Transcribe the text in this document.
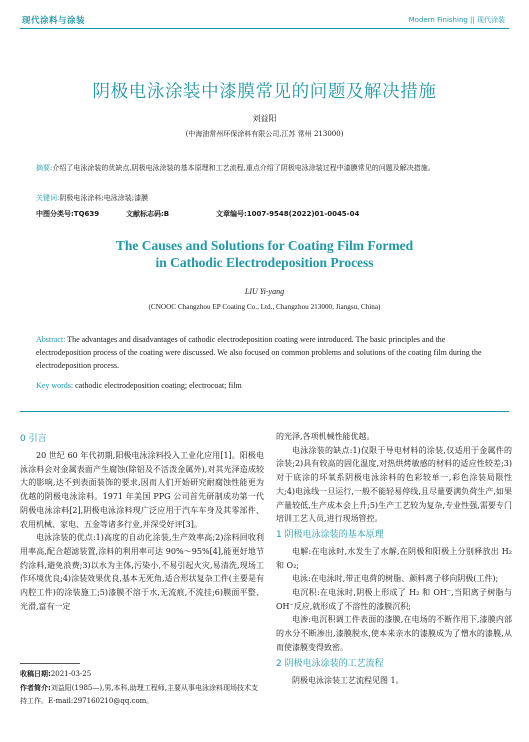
现代涂料与涂装	Modern Finishing || 现代涂装
阴极电泳涂装中漆膜常见的问题及解决措施
刘益阳
(中海油常州环保涂料有限公司,江苏 常州 213000)
摘要:介绍了电泳涂装的优缺点,阴极电泳涂装的基本原理和工艺流程,重点介绍了阴极电泳涂装过程中漆膜常见的问题及解决措施。
关键词:阴极电泳涂料;电泳涂装;漆膜
中图分类号:TQ639	文献标志码:B	文章编号:1007-9548(2022)01-0045-04
The Causes and Solutions for Coating Film Formed
in Cathodic Electrodeposition Process
LIU Yi-yang
(CNOOC Changzhou EP Coating Co., Ltd., Changzhou 213000, Jiangsu, China)
Abstract: The advantages and disadvantages of cathodic electrodeposition coating were introduced. The basic principles and the electrodeposition process of the coating were discussed. We also focused on common problems and solutions of the coating film during the electrodeposition process.
Key words: cathodic electrodeposition coating; electrocoat; film
0 引言

20 世纪 60 年代初期,阳极电泳涂料投入工业化应用[1]。阳极电泳涂料会对金属表面产生腐蚀(除铝及不活泼金属外),对其光泽造成较大的影响,达不到表面装饰的要求,因而人们开始研究耐腐蚀性能更为优越的阴极电泳涂料。1971 年美国 PPG 公司首先研制成功第一代阴极电泳涂料[2],阴极电泳涂料现广泛应用于汽车车身及其零部件、农用机械、家电、五金等诸多行业,并深受好评[3]。

电泳涂装的优点:1)高度的自动化涂装,生产效率高;2)涂料回收利用率高,配合超滤装置,涂料的利用率可达 90%～95%[4],能更好地节约涂料,避免浪费;3)以水为主体,污染小,不易引起火灾,易清洗,现场工作环境优良;4)涂装效果优良,基本无死角,适合形状复杂工件(主要是有内腔工件)的涂装施工;5)漆膜不溶于水,无流痕,不流挂;6)膜面平整、光滑,富有一定

的光泽,各项机械性能优越。

电泳涂装的缺点:1)仅限于导电材料的涂装,仅适用于金属件的涂装;2)具有较高的固化温度,对热烘烤敏感的材料的适应性较差;3)对于底涂的环氧系阴极电泳涂料的色彩较单一,彩色涂装局限性大;4)电泳线一旦运行,一般不能轻易停线,且尽量要满负荷生产,如果产量较低,生产成本会上升;5)生产工艺较为复杂,专业性强,需要专门培训工艺人员,进行现场管控。

1 阴极电泳涂装的基本原理

电解:在电泳时,水发生了水解,在阴极和阳极上分别释放出 H₂ 和 O₂;

电泳:在电泳时,带正电荷的树脂、颜料离子移向阴极(工件);

电沉积:在电泳时,阴极上形成了 H₂ 和 OH⁻,当阳离子树脂与 OH⁻反应,就形成了不溶性的漆膜沉积;

电渗:电沉积调工件表面的漆膜,在电场的不断作用下,漆膜内部的水分不断渗出,漆膜脱水,使本来亲水的漆膜成为了憎水的漆膜,从而使漆膜变得致密。

2 阴极电泳涂装的工艺流程

阴极电泳涂装工艺流程见图 1。

收稿日期:2021-03-25
作者简介:刘益阳(1985—),男,本科,助理工程师,主要从事电泳涂料现场技术支持工作。E-mail:297160210@qq.com。
